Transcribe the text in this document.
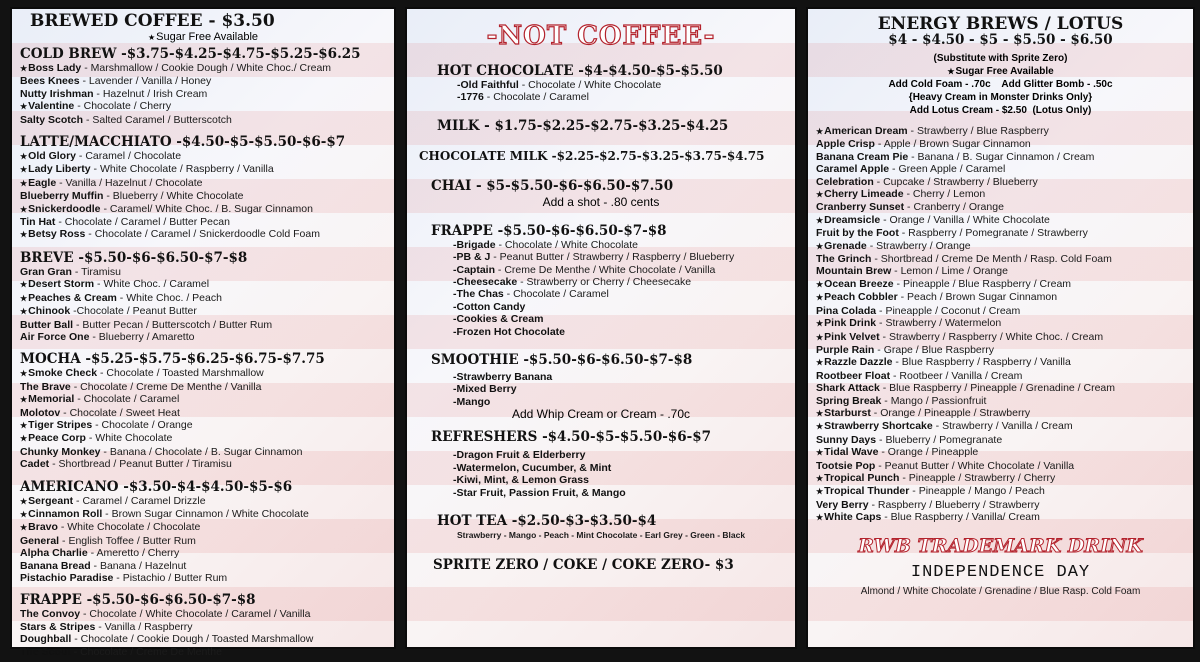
BREWED COFFEE - $3.50
★ Sugar Free Available
COLD BREW -$3.75-$4.25-$4.75-$5.25-$6.25
★ Boss Lady - Marshmallow / Cookie Dough / White Choc./ Cream
Bees Knees - Lavender / Vanilla / Honey
Nutty Irishman - Hazelnut / Irish Cream
★ Valentine - Chocolate / Cherry
Salty Scotch - Salted Caramel / Butterscotch
LATTE/MACCHIATO -$4.50-$5-$5.50-$6-$7
★ Old Glory - Caramel / Chocolate
★ Lady Liberty - White Chocolate / Raspberry / Vanilla
★ Eagle - Vanilla / Hazelnut / Chocolate
Blueberry Muffin - Blueberry / White Chocolate
★ Snickerdoodle - Caramel/ White Choc. / B. Sugar Cinnamon
Tin Hat - Chocolate / Caramel / Butter Pecan
★ Betsy Ross - Chocolate / Caramel / Snickerdoodle Cold Foam
BREVE -$5.50-$6-$6.50-$7-$8
Gran Gran - Tiramisu
★ Desert Storm - White Choc. / Caramel
★ Peaches & Cream - White Choc. / Peach
★ Chinook -Chocolate / Peanut Butter
Butter Ball - Butter Pecan / Butterscotch / Butter Rum
Air Force One - Blueberry / Amaretto
MOCHA -$5.25-$5.75-$6.25-$6.75-$7.75
★ Smoke Check - Chocolate / Toasted Marshmallow
The Brave - Chocolate / Creme De Menthe / Vanilla
★ Memorial - Chocolate / Caramel
Molotov - Chocolate / Sweet Heat
★ Tiger Stripes - Chocolate / Orange
★ Peace Corp - White Chocolate
Chunky Monkey - Banana / Chocolate / B. Sugar Cinnamon
Cadet - Shortbread / Peanut Butter / Tiramisu
AMERICANO -$3.50-$4-$4.50-$5-$6
★ Sergeant - Caramel / Caramel Drizzle
★ Cinnamon Roll - Brown Sugar Cinnamon / White Chocolate
★ Bravo - White Chocolate / Chocolate
General - English Toffee / Butter Rum
Alpha Charlie - Ameretto / Cherry
Banana Bread - Banana / Hazelnut
Pistachio Paradise - Pistachio / Butter Rum
FRAPPE -$5.50-$6-$6.50-$7-$8
The Convoy - Chocolate / White Chocolate / Caramel / Vanilla
Stars & Stripes - Vanilla / Raspberry
Doughball - Chocolate / Cookie Dough / Toasted Marshmallow
The Scout - Chocolate / Creme De Menthe
-NOT COFFEE-
HOT CHOCOLATE -$4-$4.50-$5-$5.50
-Old Faithful - Chocolate / White Chocolate
-1776 - Chocolate / Caramel
MILK - $1.75-$2.25-$2.75-$3.25-$4.25
CHOCOLATE MILK -$2.25-$2.75-$3.25-$3.75-$4.75
CHAI - $5-$5.50-$6-$6.50-$7.50
Add a shot - .80 cents
FRAPPE -$5.50-$6-$6.50-$7-$8
-Brigade - Chocolate / White Chocolate
-PB & J - Peanut Butter / Strawberry / Raspberry / Blueberry
-Captain - Creme De Menthe / White Chocolate / Vanilla
-Cheesecake - Strawberry or Cherry / Cheesecake
-The Chas - Chocolate / Caramel
-Cotton Candy
-Cookies & Cream
-Frozen Hot Chocolate
SMOOTHIE -$5.50-$6-$6.50-$7-$8
-Strawberry Banana
-Mixed Berry
-Mango
Add Whip Cream or Cream - .70c
REFRESHERS -$4.50-$5-$5.50-$6-$7
-Dragon Fruit & Elderberry
-Watermelon, Cucumber, & Mint
-Kiwi, Mint, & Lemon Grass
-Star Fruit, Passion Fruit, & Mango
HOT TEA -$2.50-$3-$3.50-$4
Strawberry - Mango - Peach - Mint Chocolate - Earl Grey - Green - Black
SPRITE ZERO / COKE / COKE ZERO- $3
ENERGY BREWS / LOTUS
$4 - $4.50 - $5 - $5.50 - $6.50
(Substitute with Sprite Zero)
★ Sugar Free Available
Add Cold Foam - .70c    Add Glitter Bomb - .50c
{Heavy Cream in Monster Drinks Only}
Add Lotus Cream - $2.50  (Lotus Only)
★ American Dream - Strawberry / Blue Raspberry
Apple Crisp - Apple / Brown Sugar Cinnamon
Banana Cream Pie - Banana / B. Sugar Cinnamon / Cream
Caramel Apple - Green Apple / Caramel
Celebration - Cupcake / Strawberry / Blueberry
★ Cherry Limeade - Cherry / Lemon
Cranberry Sunset - Cranberry / Orange
★ Dreamsicle - Orange / Vanilla / White Chocolate
Fruit by the Foot - Raspberry / Pomegranate / Strawberry
★ Grenade - Strawberry / Orange
The Grinch - Shortbread / Creme De Menth / Rasp. Cold Foam
Mountain Brew - Lemon / Lime / Orange
★ Ocean Breeze - Pineapple / Blue Raspberry / Cream
★ Peach Cobbler - Peach / Brown Sugar Cinnamon
Pina Colada - Pineapple / Coconut / Cream
★ Pink Drink - Strawberry / Watermelon
★ Pink Velvet - Strawberry / Raspberry / White Choc. / Cream
Purple Rain - Grape / Blue Raspberry
★ Razzle Dazzle - Blue Raspberry / Raspberry / Vanilla
Rootbeer Float - Rootbeer / Vanilla / Cream
Shark Attack - Blue Raspberry / Pineapple / Grenadine / Cream
Spring Break - Mango / Passionfruit
★ Starburst - Orange / Pineapple / Strawberry
★ Strawberry Shortcake - Strawberry / Vanilla / Cream
Sunny Days - Blueberry / Pomegranate
★ Tidal Wave - Orange / Pineapple
Tootsie Pop - Peanut Butter / White Chocolate / Vanilla
★ Tropical Punch - Pineapple / Strawberry / Cherry
★ Tropical Thunder - Pineapple / Mango / Peach
Very Berry - Raspberry / Blueberry / Strawberry
★ White Caps - Blue Raspberry / Vanilla/ Cream
RWB TRADEMARK DRINK
INDEPENDENCE DAY
Almond / White Chocolate / Grenadine / Blue Rasp. Cold Foam
